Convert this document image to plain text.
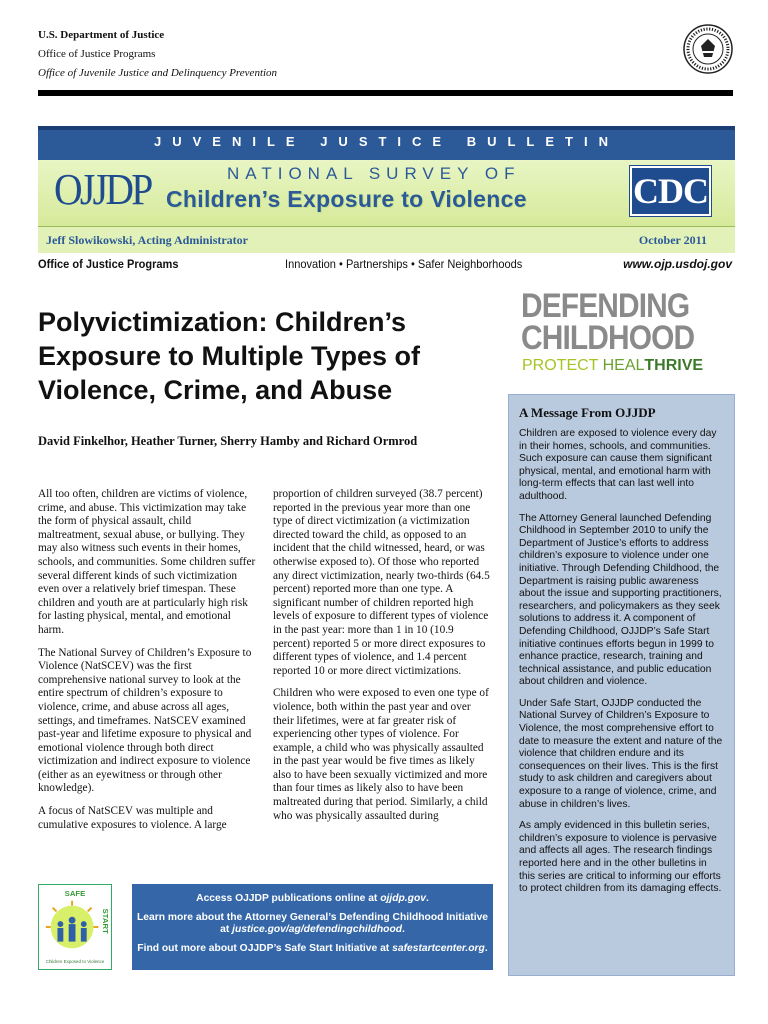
U.S. Department of Justice
Office of Justice Programs
Office of Juvenile Justice and Delinquency Prevention
JUVENILE JUSTICE BULLETIN
OJJDP	NATIONAL SURVEY OF
Children’s Exposure to Violence	CDC
Jeff Slowikowski, Acting Administrator	October 2011
Office of Justice Programs	Innovation • Partnerships • Safer Neighborhoods	www.ojp.usdoj.gov
Polyvictimization: Children’s Exposure to Multiple Types of Violence, Crime, and Abuse
David Finkelhor, Heather Turner, Sherry Hamby and Richard Ormrod

All too often, children are victims of violence, crime, and abuse. This victimization may take the form of physical assault, child maltreatment, sexual abuse, or bullying. They may also witness such events in their homes, schools, and communities. Some children suffer several different kinds of such victimization even over a relatively brief timespan. These children and youth are at particularly high risk for lasting physical, mental, and emotional harm.

The National Survey of Children’s Exposure to Violence (NatSCEV) was the first comprehensive national survey to look at the entire spectrum of children’s exposure to violence, crime, and abuse across all ages, settings, and timeframes. NatSCEV examined past-year and lifetime exposure to physical and emotional violence through both direct victimization and indirect exposure to violence (either as an eyewitness or through other knowledge).

A focus of NatSCEV was multiple and cumulative exposures to violence. A large

proportion of children surveyed (38.7 percent) reported in the previous year more than one type of direct victimization (a victimization directed toward the child, as opposed to an incident that the child witnessed, heard, or was otherwise exposed to). Of those who reported any direct victimization, nearly two-thirds (64.5 percent) reported more than one type. A significant number of children reported high levels of exposure to different types of violence in the past year: more than 1 in 10 (10.9 percent) reported 5 or more direct exposures to different types of violence, and 1.4 percent reported 10 or more direct victimizations.

Children who were exposed to even one type of violence, both within the past year and over their lifetimes, were at far greater risk of experiencing other types of violence. For example, a child who was physically assaulted in the past year would be five times as likely also to have been sexually victimized and more than four times as likely also to have been maltreated during that period. Similarly, a child who was physically assaulted during

SAFE
START
Children Exposed to Violence

Access OJJDP publications online at ojjdp.gov.

Learn more about the Attorney General’s Defending Childhood Initiative at justice.gov/ag/defendingchildhood.

Find out more about OJJDP’s Safe Start Initiative at safestartcenter.org.

DEFENDING
CHILDHOOD
PROTECT HEALTHRIVE
A Message From OJJDP

Children are exposed to violence every day in their homes, schools, and communities. Such exposure can cause them significant physical, mental, and emotional harm with long-term effects that can last well into adulthood.

The Attorney General launched Defending Childhood in September 2010 to unify the Department of Justice’s efforts to address children’s exposure to violence under one initiative. Through Defending Childhood, the Department is raising public awareness about the issue and supporting practitioners, researchers, and policymakers as they seek solutions to address it. A component of Defending Childhood, OJJDP’s Safe Start initiative continues efforts begun in 1999 to enhance practice, research, training and technical assistance, and public education about children and violence.

Under Safe Start, OJJDP conducted the National Survey of Children’s Exposure to Violence, the most comprehensive effort to date to measure the extent and nature of the violence that children endure and its consequences on their lives. This is the first study to ask children and caregivers about exposure to a range of violence, crime, and abuse in children’s lives.

As amply evidenced in this bulletin series, children’s exposure to violence is pervasive and affects all ages. The research findings reported here and in the other bulletins in this series are critical to informing our efforts to protect children from its damaging effects.
